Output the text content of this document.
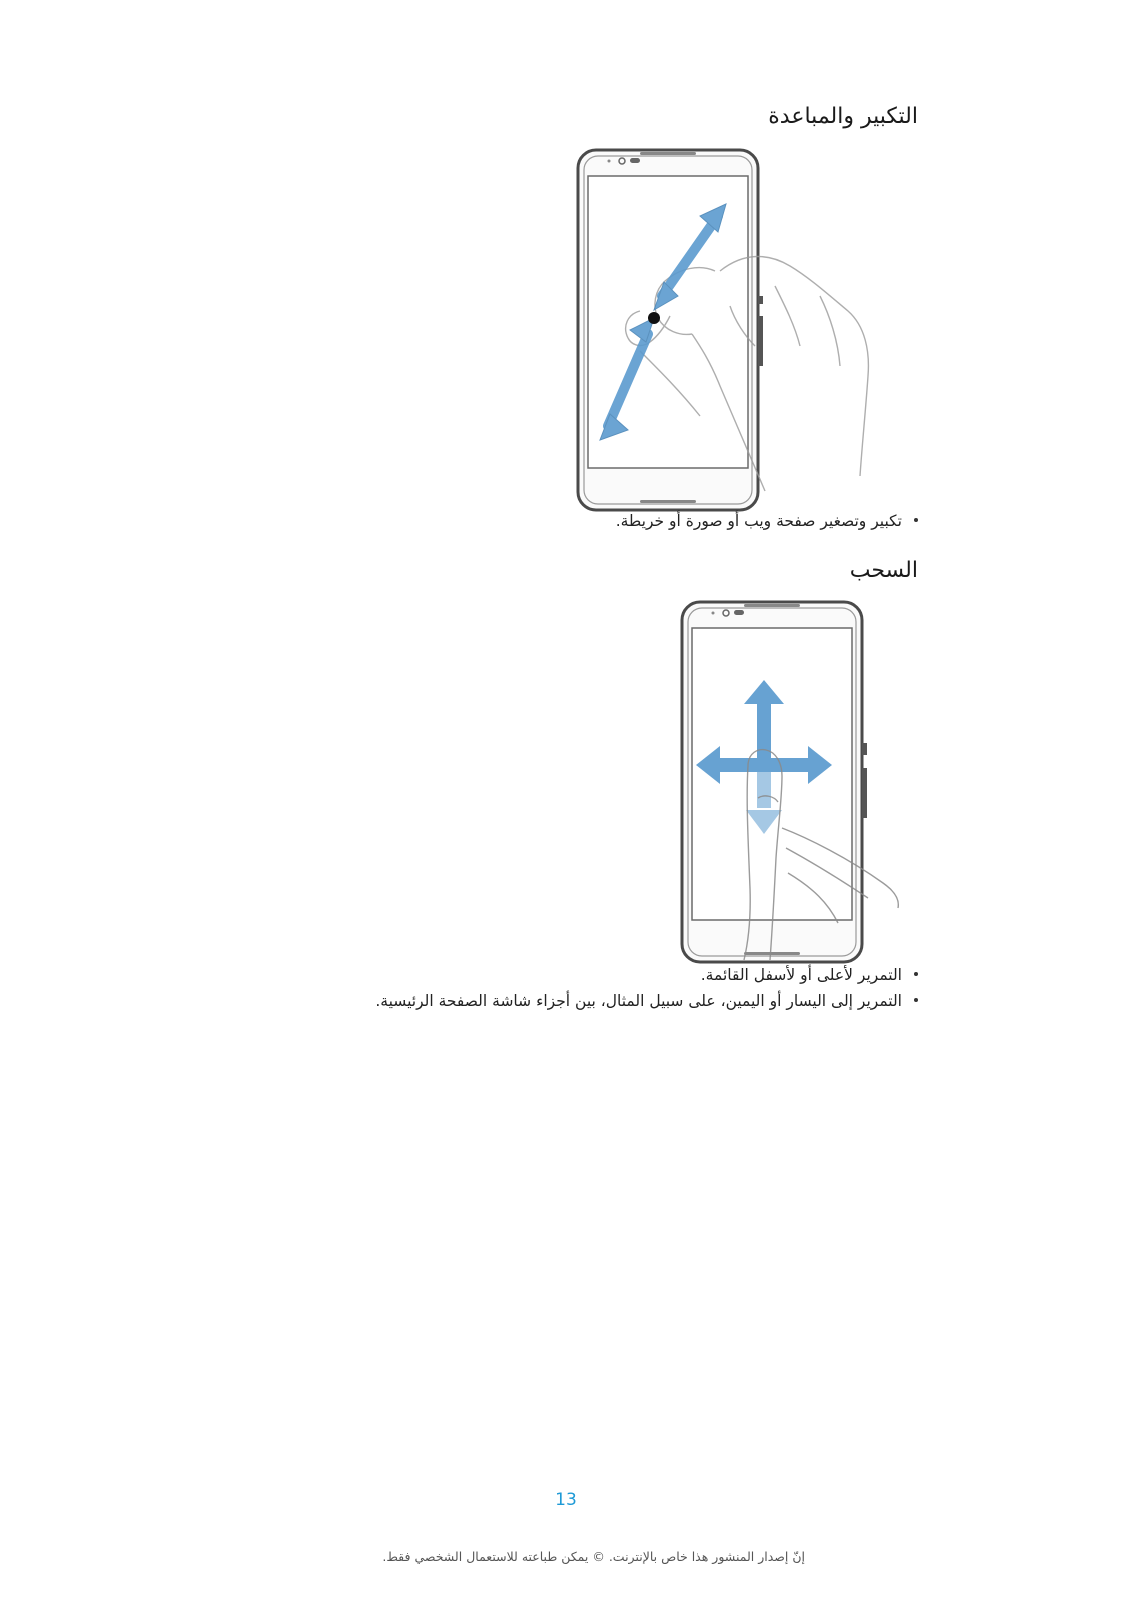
التكبير والمباعدة
تكبير وتصغير صفحة ويب أو صورة أو خريطة.
السحب
التمرير لأعلى أو لأسفل القائمة.
التمرير إلى اليسار أو اليمين، على سبيل المثال، بين أجزاء شاشة الصفحة الرئيسية.
13
إنّ إصدار المنشور هذا خاص بالإنترنت. © يمكن طباعته للاستعمال الشخصي فقط.
